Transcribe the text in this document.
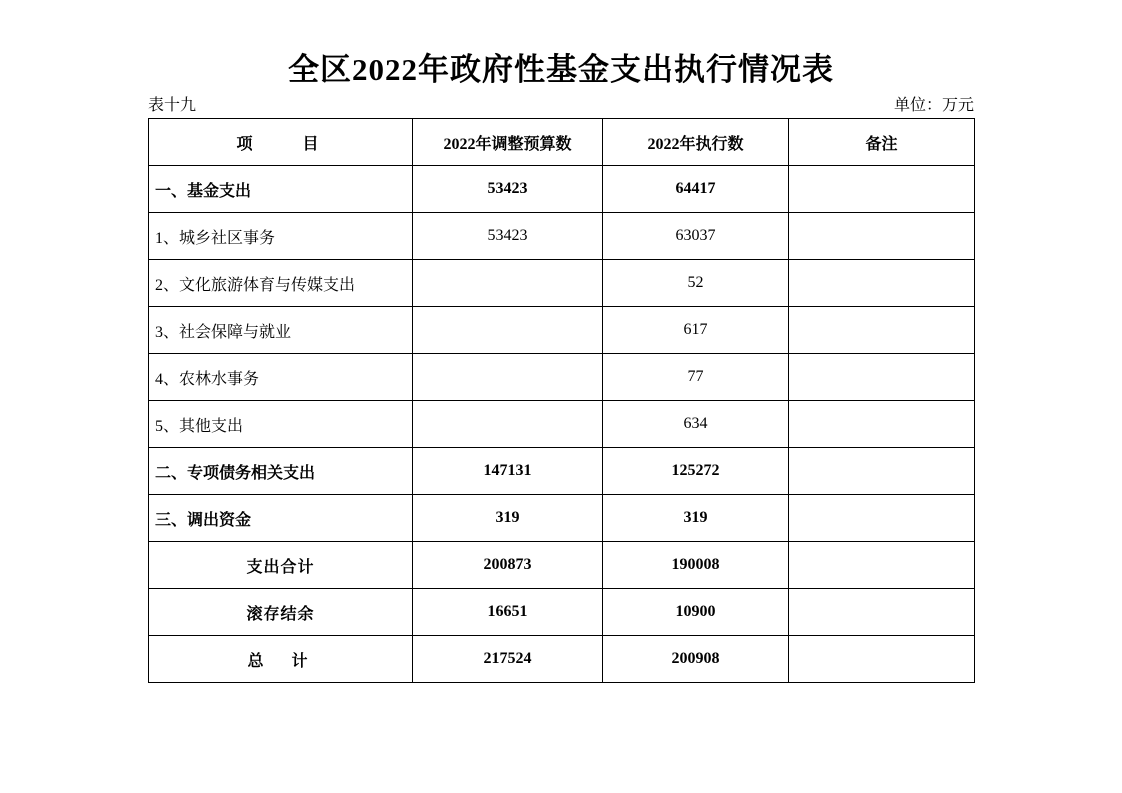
全区2022年政府性基金支出执行情况表
表十九	单位：万元
项　　目	2022年调整预算数	2022年执行数	备注
一、基金支出	53423	64417	
1、城乡社区事务	53423	63037	
2、文化旅游体育与传媒支出		52	
3、社会保障与就业		617	
4、农林水事务		77	
5、其他支出		634	
二、专项债务相关支出	147131	125272	
三、调出资金	319	319	
支出合计	200873	190008	
滚存结余	16651	10900	
总　计	217524	200908	
